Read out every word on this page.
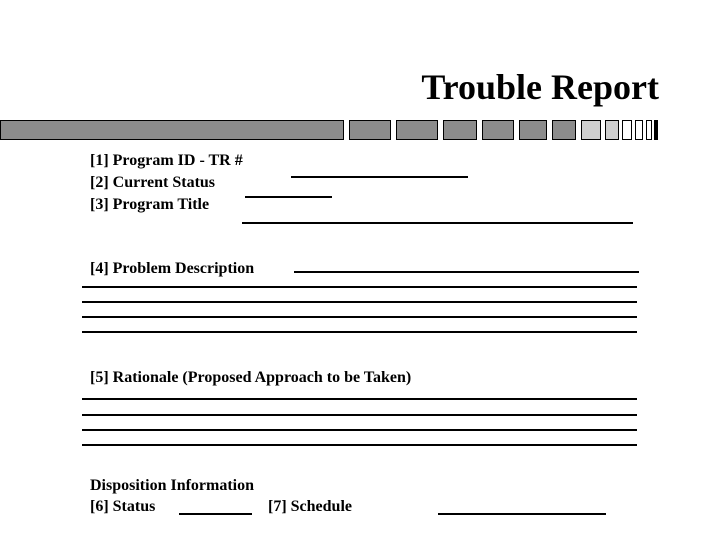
Trouble Report
[1] Program ID - TR #
[2] Current Status
[3] Program Title
[4] Problem Description
[5] Rationale (Proposed Approach to be Taken)
Disposition Information
[6] Status	[7] Schedule
